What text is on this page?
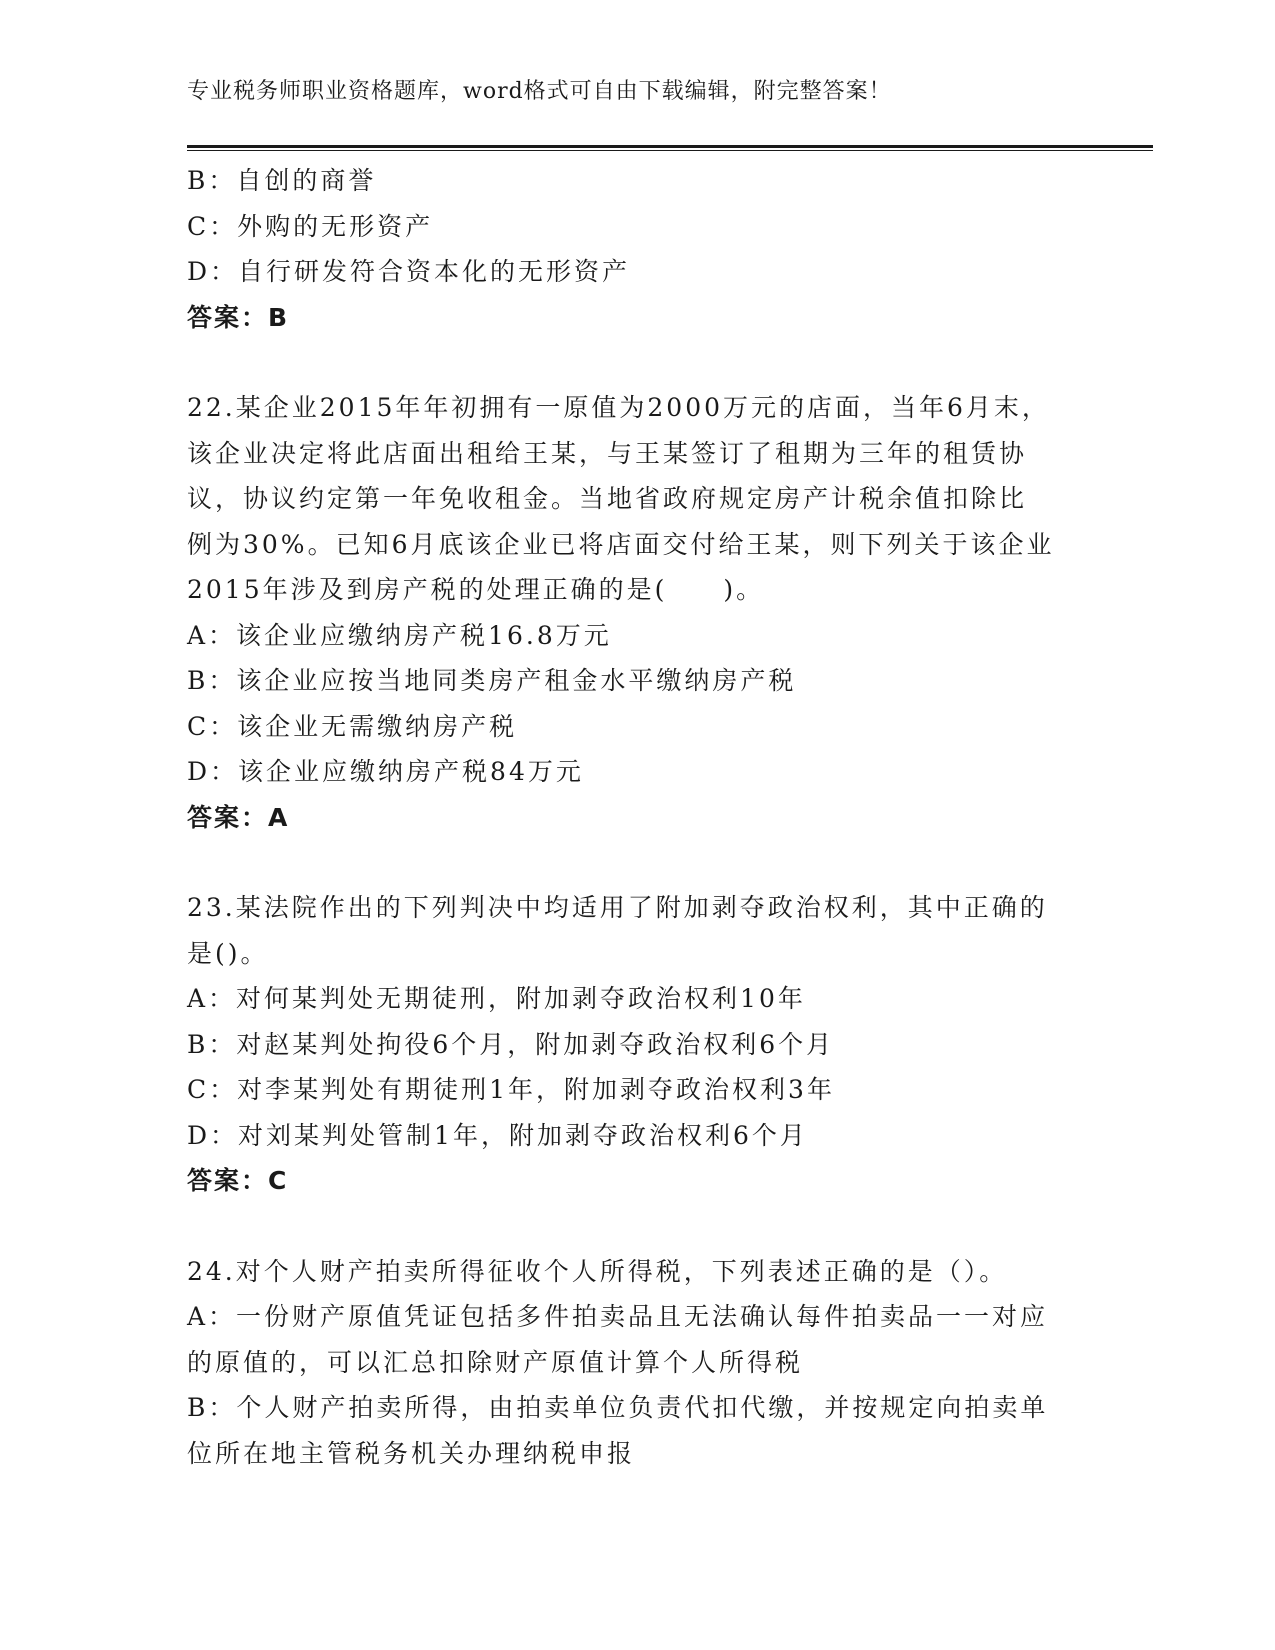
专业税务师职业资格题库，word格式可自由下载编辑，附完整答案！
B：自创的商誉
C：外购的无形资产
D：自行研发符合资本化的无形资产
答案：B
22.某企业2015年年初拥有一原值为2000万元的店面，当年6月末，
该企业决定将此店面出租给王某，与王某签订了租期为三年的租赁协
议，协议约定第一年免收租金。当地省政府规定房产计税余值扣除比
例为30%。已知6月底该企业已将店面交付给王某，则下列关于该企业
2015年涉及到房产税的处理正确的是(　　)。
A：该企业应缴纳房产税16.8万元
B：该企业应按当地同类房产租金水平缴纳房产税
C：该企业无需缴纳房产税
D：该企业应缴纳房产税84万元
答案：A
23.某法院作出的下列判决中均适用了附加剥夺政治权利，其中正确的
是()。
A：对何某判处无期徒刑，附加剥夺政治权利10年
B：对赵某判处拘役6个月，附加剥夺政治权利6个月
C：对李某判处有期徒刑1年，附加剥夺政治权利3年
D：对刘某判处管制1年，附加剥夺政治权利6个月
答案：C
24.对个人财产拍卖所得征收个人所得税，下列表述正确的是（）。
A：一份财产原值凭证包括多件拍卖品且无法确认每件拍卖品一一对应
的原值的，可以汇总扣除财产原值计算个人所得税
B：个人财产拍卖所得，由拍卖单位负责代扣代缴，并按规定向拍卖单
位所在地主管税务机关办理纳税申报
